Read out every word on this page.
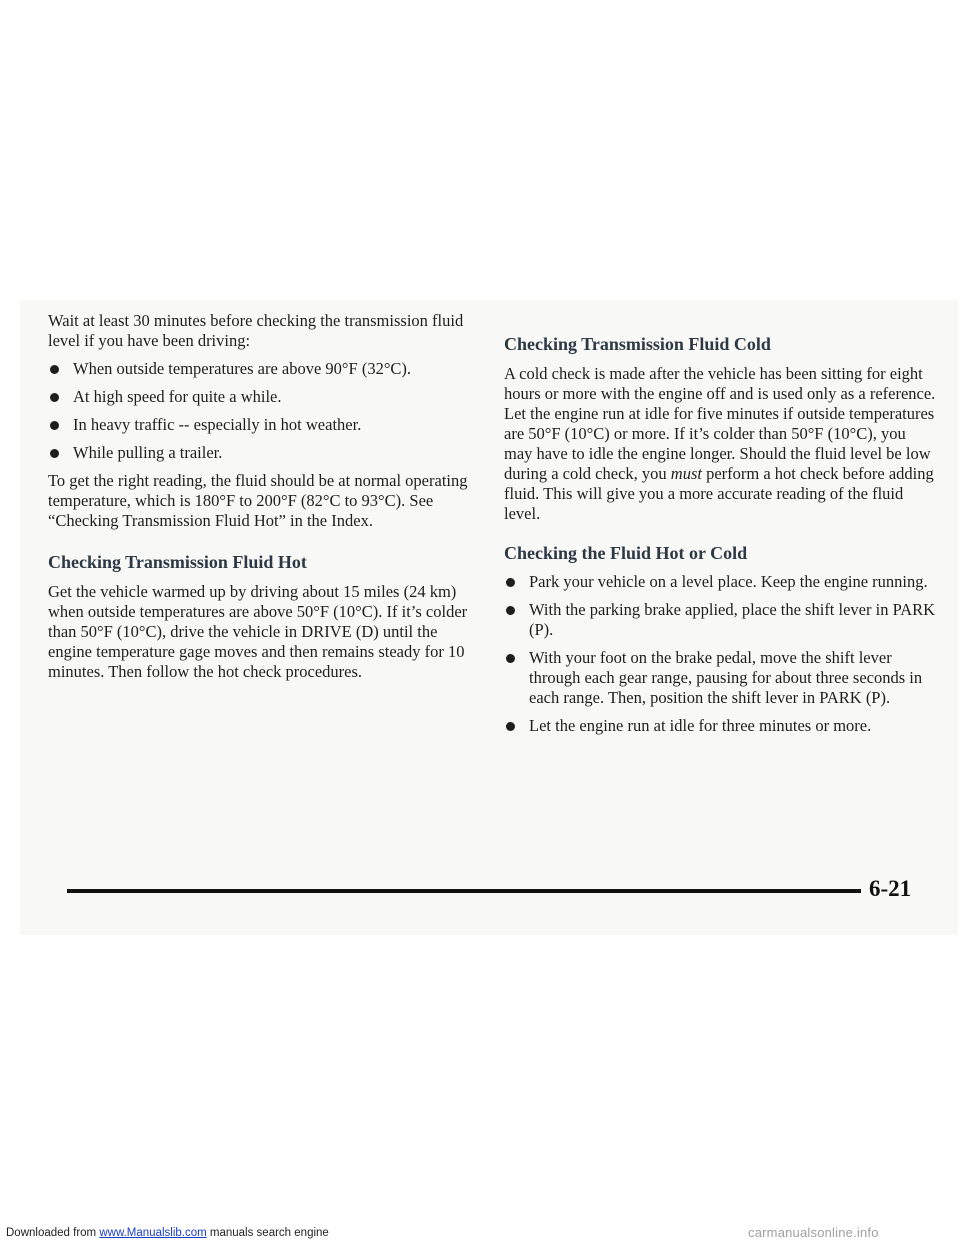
Wait at least 30 minutes before checking the transmission fluid level if you have been driving:

When outside temperatures are above 90°F (32°C).
At high speed for quite a while.
In heavy traffic -- especially in hot weather.
While pulling a trailer.

To get the right reading, the fluid should be at normal operating temperature, which is 180°F to 200°F (82°C to 93°C). See “Checking Transmission Fluid Hot” in the Index.

Checking Transmission Fluid Hot

Get the vehicle warmed up by driving about 15 miles (24 km) when outside temperatures are above 50°F (10°C). If it’s colder than 50°F (10°C), drive the vehicle in DRIVE (D) until the engine temperature gage moves and then remains steady for 10 minutes. Then follow the hot check procedures.

Checking Transmission Fluid Cold

A cold check is made after the vehicle has been sitting for eight hours or more with the engine off and is used only as a reference. Let the engine run at idle for five minutes if outside temperatures are 50°F (10°C) or more. If it’s colder than 50°F (10°C), you may have to idle the engine longer. Should the fluid level be low during a cold check, you must perform a hot check before adding fluid. This will give you a more accurate reading of the fluid level.

Checking the Fluid Hot or Cold
Park your vehicle on a level place. Keep the engine running.
With the parking brake applied, place the shift lever in PARK (P).
With your foot on the brake pedal, move the shift lever through each gear range, pausing for about three seconds in each range. Then, position the shift lever in PARK (P).
Let the engine run at idle for three minutes or more.
6-21
Downloaded from www.Manualslib.com manuals search engine	carmanualsonline.info
